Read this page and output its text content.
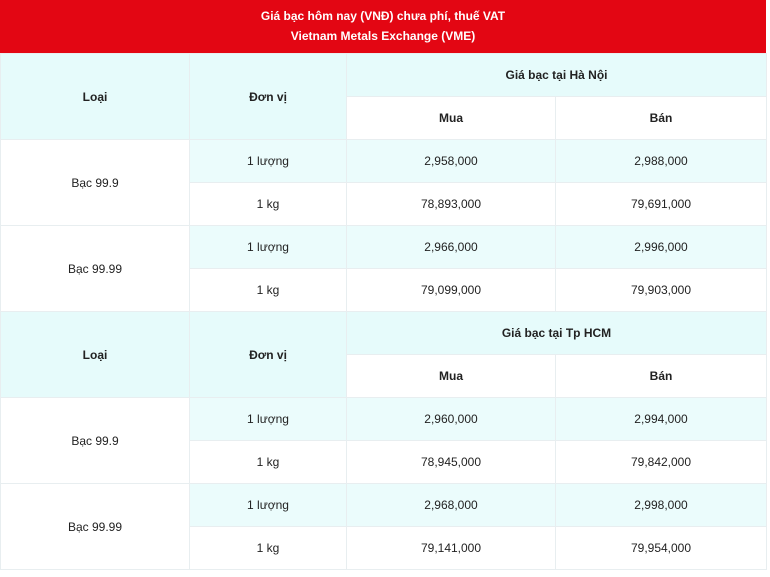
Giá bạc hôm nay (VNĐ) chưa phí, thuế VAT
Vietnam Metals Exchange (VME)
Loại	Đơn vị	Giá bạc tại Hà Nội	
		Mua	Bán
Bạc 99.9	1 lượng	2,958,000	2,988,000
	1 kg	78,893,000	79,691,000
Bạc 99.99	1 lượng	2,966,000	2,996,000
	1 kg	79,099,000	79,903,000
Loại	Đơn vị	Giá bạc tại Tp HCM	
		Mua	Bán
Bạc 99.9	1 lượng	2,960,000	2,994,000
	1 kg	78,945,000	79,842,000
Bạc 99.99	1 lượng	2,968,000	2,998,000
	1 kg	79,141,000	79,954,000
